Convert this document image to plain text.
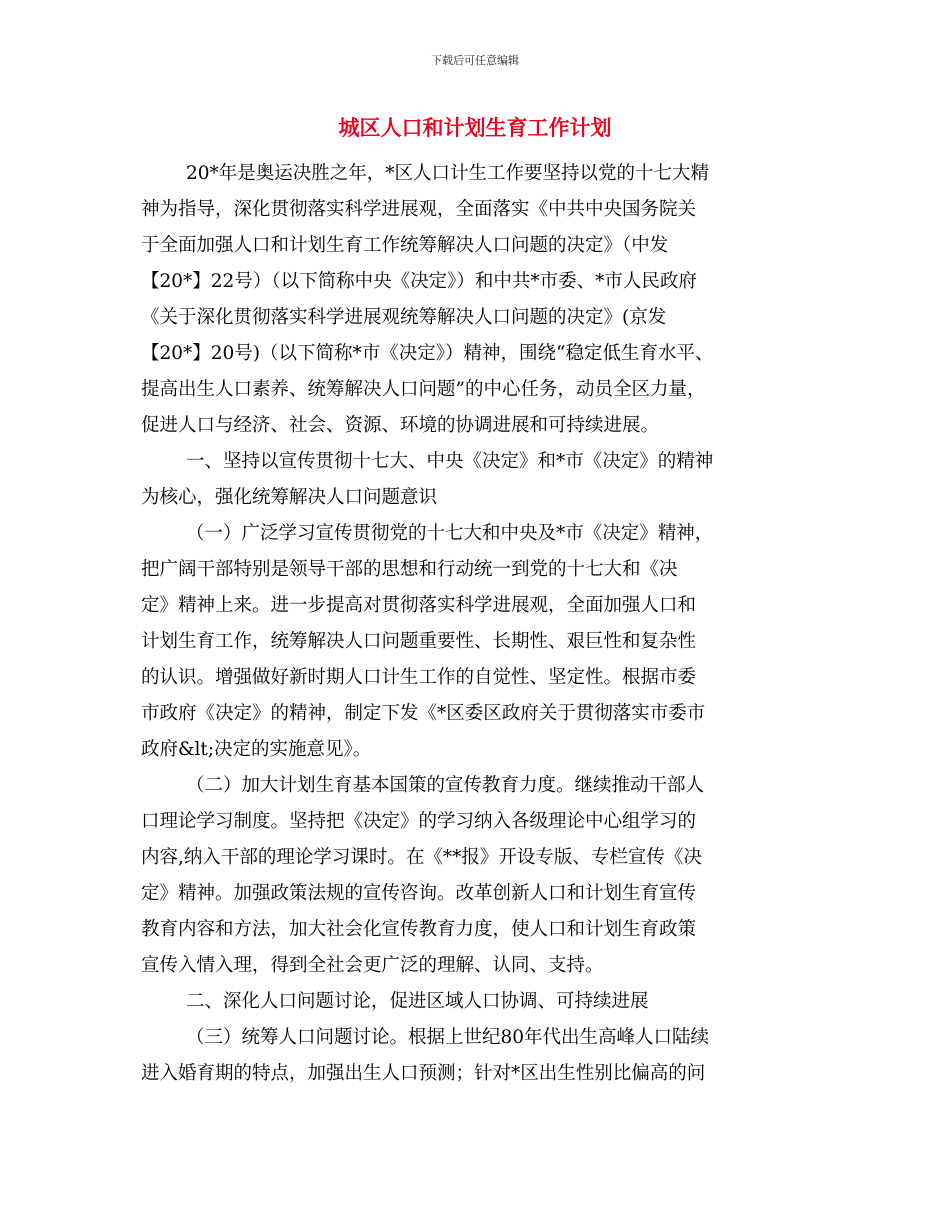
下载后可任意编辑
城区人口和计划生育工作计划
20*年是奥运决胜之年，*区人口计生工作要坚持以党的十七大精
神为指导，深化贯彻落实科学进展观，全面落实《中共中央国务院关
于全面加强人口和计划生育工作统筹解决人口问题的决定》（中发
【20*】22号）（以下简称中央《决定》）和中共*市委、*市人民政府
《关于深化贯彻落实科学进展观统筹解决人口问题的决定》(京发
【20*】20号)（以下简称*市《决定》）精神，围绕“稳定低生育水平、
提高出生人口素养、统筹解决人口问题”的中心任务，动员全区力量，
促进人口与经济、社会、资源、环境的协调进展和可持续进展。
一、坚持以宣传贯彻十七大、中央《决定》和*市《决定》的精神
为核心，强化统筹解决人口问题意识
（一）广泛学习宣传贯彻党的十七大和中央及*市《决定》精神，
把广阔干部特别是领导干部的思想和行动统一到党的十七大和《决
定》精神上来。进一步提高对贯彻落实科学进展观，全面加强人口和
计划生育工作，统筹解决人口问题重要性、长期性、艰巨性和复杂性
的认识。增强做好新时期人口计生工作的自觉性、坚定性。根据市委
市政府《决定》的精神，制定下发《*区委区政府关于贯彻落实市委市
政府&lt;决定的实施意见》。
（二）加大计划生育基本国策的宣传教育力度。继续推动干部人
口理论学习制度。坚持把《决定》的学习纳入各级理论中心组学习的
内容,纳入干部的理论学习课时。在《**报》开设专版、专栏宣传《决
定》精神。加强政策法规的宣传咨询。改革创新人口和计划生育宣传
教育内容和方法，加大社会化宣传教育力度，使人口和计划生育政策
宣传入情入理，得到全社会更广泛的理解、认同、支持。
二、深化人口问题讨论，促进区域人口协调、可持续进展
（三）统筹人口问题讨论。根据上世纪80年代出生高峰人口陆续
进入婚育期的特点，加强出生人口预测；针对*区出生性别比偏高的问
